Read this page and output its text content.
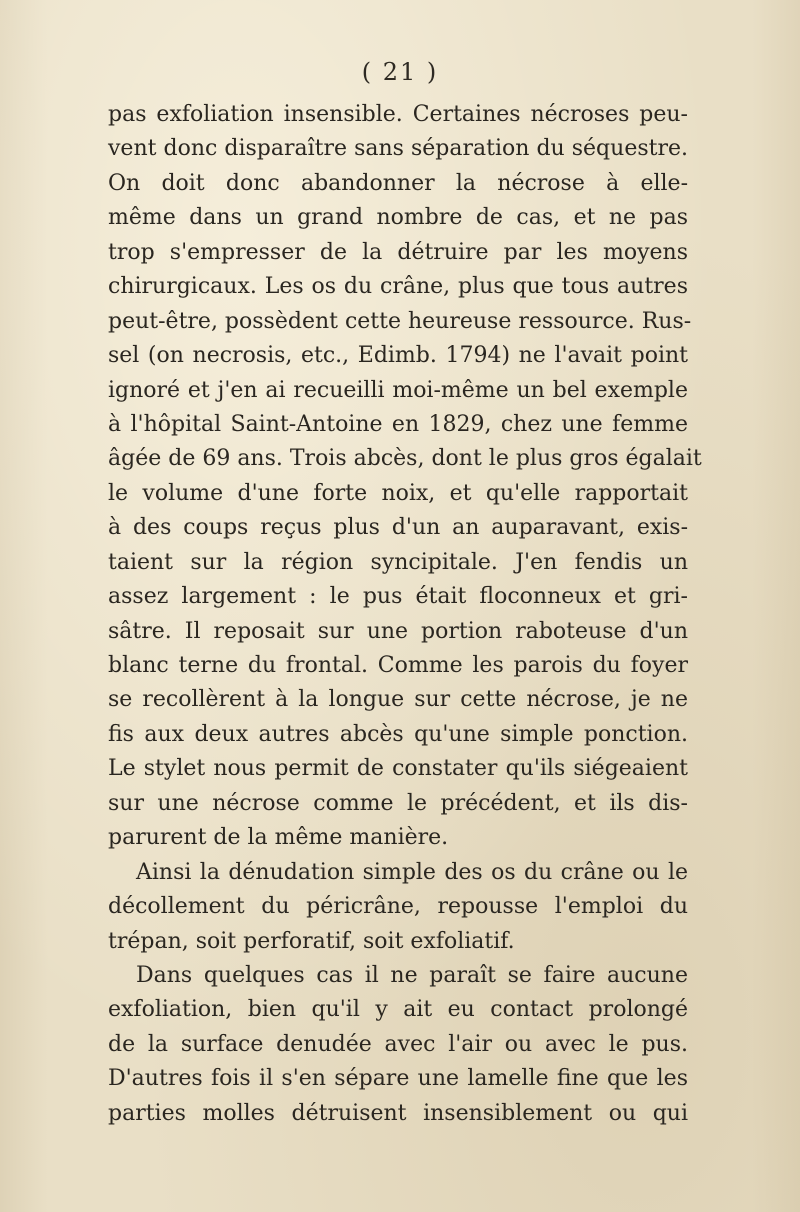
( 21 )
pas exfoliation insensible. Certaines nécroses peu-
vent donc disparaître sans séparation du séquestre.
On doit donc abandonner la nécrose à elle-
même dans un grand nombre de cas, et ne pas
trop s'empresser de la détruire par les moyens
chirurgicaux. Les os du crâne, plus que tous autres
peut-être, possèdent cette heureuse ressource. Rus-
sel (on necrosis, etc., Edimb. 1794) ne l'avait point
ignoré et j'en ai recueilli moi-même un bel exemple
à l'hôpital Saint-Antoine en 1829, chez une femme
âgée de 69 ans. Trois abcès, dont le plus gros égalait
le volume d'une forte noix, et qu'elle rapportait
à des coups reçus plus d'un an auparavant, exis-
taient sur la région syncipitale. J'en fendis un
assez largement : le pus était floconneux et gri-
sâtre. Il reposait sur une portion raboteuse d'un
blanc terne du frontal. Comme les parois du foyer
se recollèrent à la longue sur cette nécrose, je ne
fis aux deux autres abcès qu'une simple ponction.
Le stylet nous permit de constater qu'ils siégeaient
sur une nécrose comme le précédent, et ils dis-
parurent de la même manière.
Ainsi la dénudation simple des os du crâne ou le
décollement du péricrâne, repousse l'emploi du
trépan, soit perforatif, soit exfoliatif.
Dans quelques cas il ne paraît se faire aucune
exfoliation, bien qu'il y ait eu contact prolongé
de la surface denudée avec l'air ou avec le pus.
D'autres fois il s'en sépare une lamelle fine que les
parties molles détruisent insensiblement ou qui
